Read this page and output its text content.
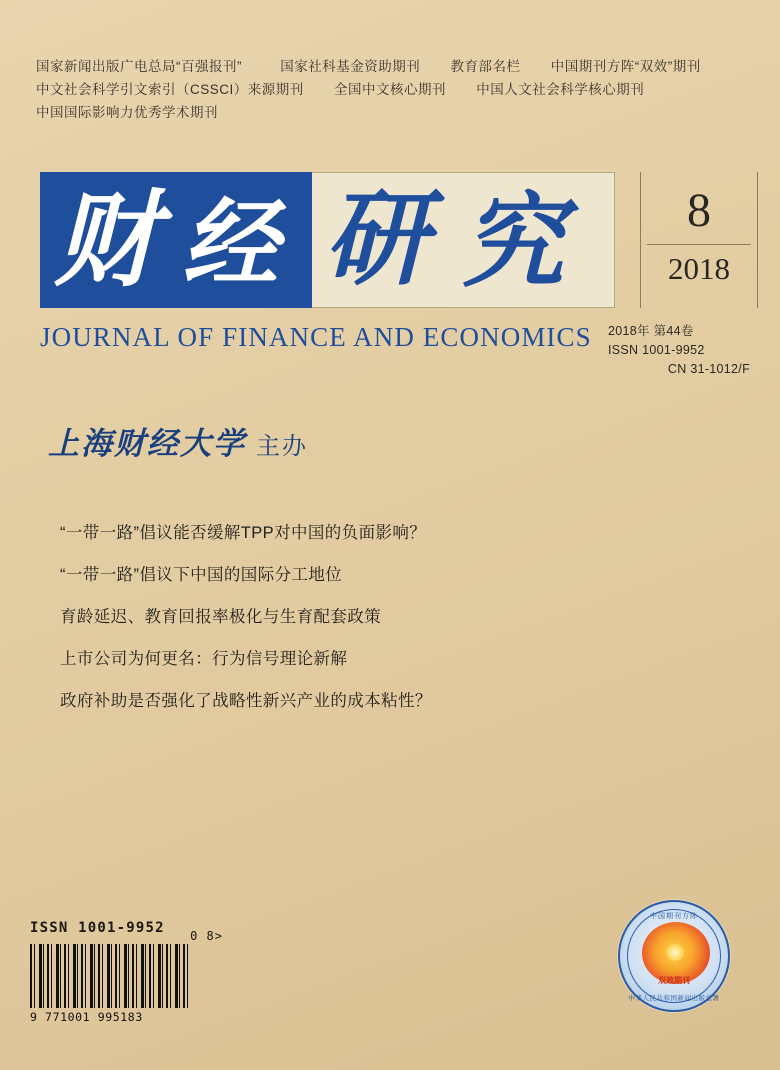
国家新闻出版广电总局“百强报刊”	国家社科基金资助期刊 教育部名栏 中国期刊方阵“双效”期刊
中文社会科学引文索引（CSSCI）来源期刊 全国中文核心期刊 中国人文社会科学核心期刊
中国国际影响力优秀学术期刊
财 经 研 究	8
2018
JOURNAL OF FINANCE AND ECONOMICS	2018年 第44卷
ISSN 1001-9952
CN 31-1012/F
上海财经大学 主办
“一带一路”倡议能否缓解TPP对中国的负面影响？
“一带一路”倡议下中国的国际分工地位
育龄延迟、教育回报率极化与生育配套政策
上市公司为何更名：行为信号理论新解
政府补助是否强化了战略性新兴产业的成本粘性？
ISSN 1001-9952	0 8>
9 771001 995183
中国期刊方阵
双效期刊
中华人民共和国新闻出版总署
